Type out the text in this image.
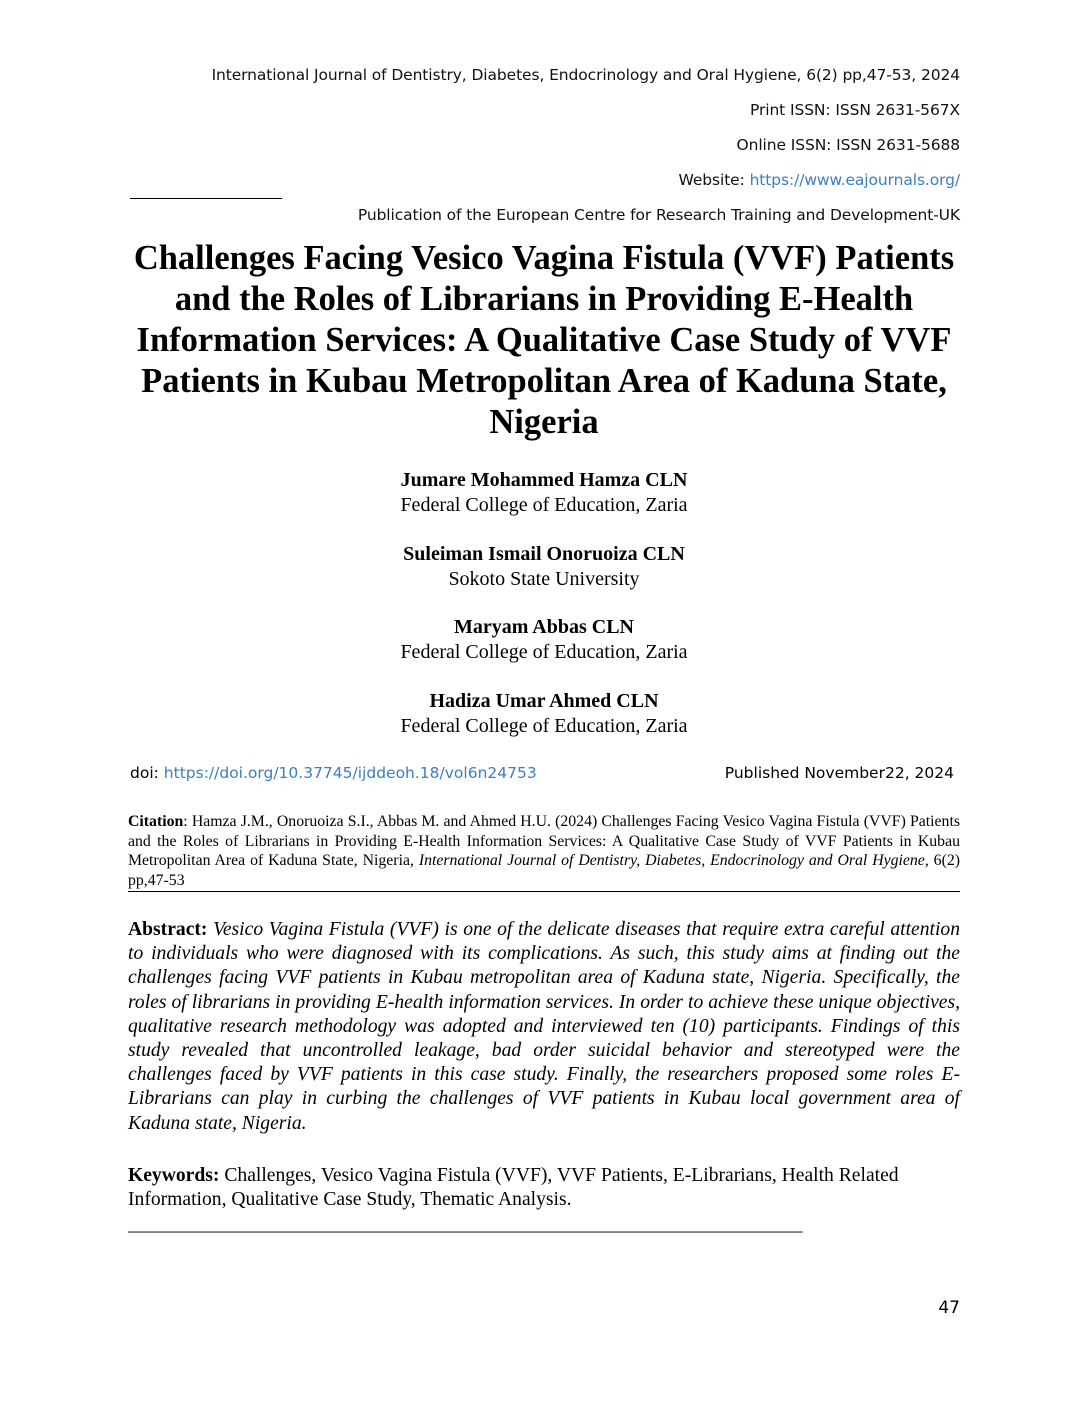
International Journal of Dentistry, Diabetes, Endocrinology and Oral Hygiene, 6(2) pp,47-53, 2024
Print ISSN: ISSN 2631-567X
Online ISSN: ISSN 2631-5688
Website: https://www.eajournals.org/
Publication of the European Centre for Research Training and Development-UK
Challenges Facing Vesico Vagina Fistula (VVF) Patients and the Roles of Librarians in Providing E-Health Information Services: A Qualitative Case Study of VVF Patients in Kubau Metropolitan Area of Kaduna State, Nigeria
Jumare Mohammed Hamza CLN
Federal College of Education, Zaria
Suleiman Ismail Onoruoiza CLN
Sokoto State University
Maryam Abbas CLN
Federal College of Education, Zaria
Hadiza Umar Ahmed CLN
Federal College of Education, Zaria
doi: https://doi.org/10.37745/ijddeoh.18/vol6n24753	Published November22, 2024
Citation: Hamza J.M., Onoruoiza S.I., Abbas M. and Ahmed H.U. (2024) Challenges Facing Vesico Vagina Fistula (VVF) Patients and the Roles of Librarians in Providing E-Health Information Services: A Qualitative Case Study of VVF Patients in Kubau Metropolitan Area of Kaduna State, Nigeria, International Journal of Dentistry, Diabetes, Endocrinology and Oral Hygiene, 6(2) pp,47-53
Abstract: Vesico Vagina Fistula (VVF) is one of the delicate diseases that require extra careful attention to individuals who were diagnosed with its complications. As such, this study aims at finding out the challenges facing VVF patients in Kubau metropolitan area of Kaduna state, Nigeria. Specifically, the roles of librarians in providing E-health information services. In order to achieve these unique objectives, qualitative research methodology was adopted and interviewed ten (10) participants. Findings of this study revealed that uncontrolled leakage, bad order suicidal behavior and stereotyped were the challenges faced by VVF patients in this case study. Finally, the researchers proposed some roles E-Librarians can play in curbing the challenges of VVF patients in Kubau local government area of Kaduna state, Nigeria.
Keywords: Challenges, Vesico Vagina Fistula (VVF), VVF Patients, E-Librarians, Health Related Information, Qualitative Case Study, Thematic Analysis.
_______________________________________________________________________
47
